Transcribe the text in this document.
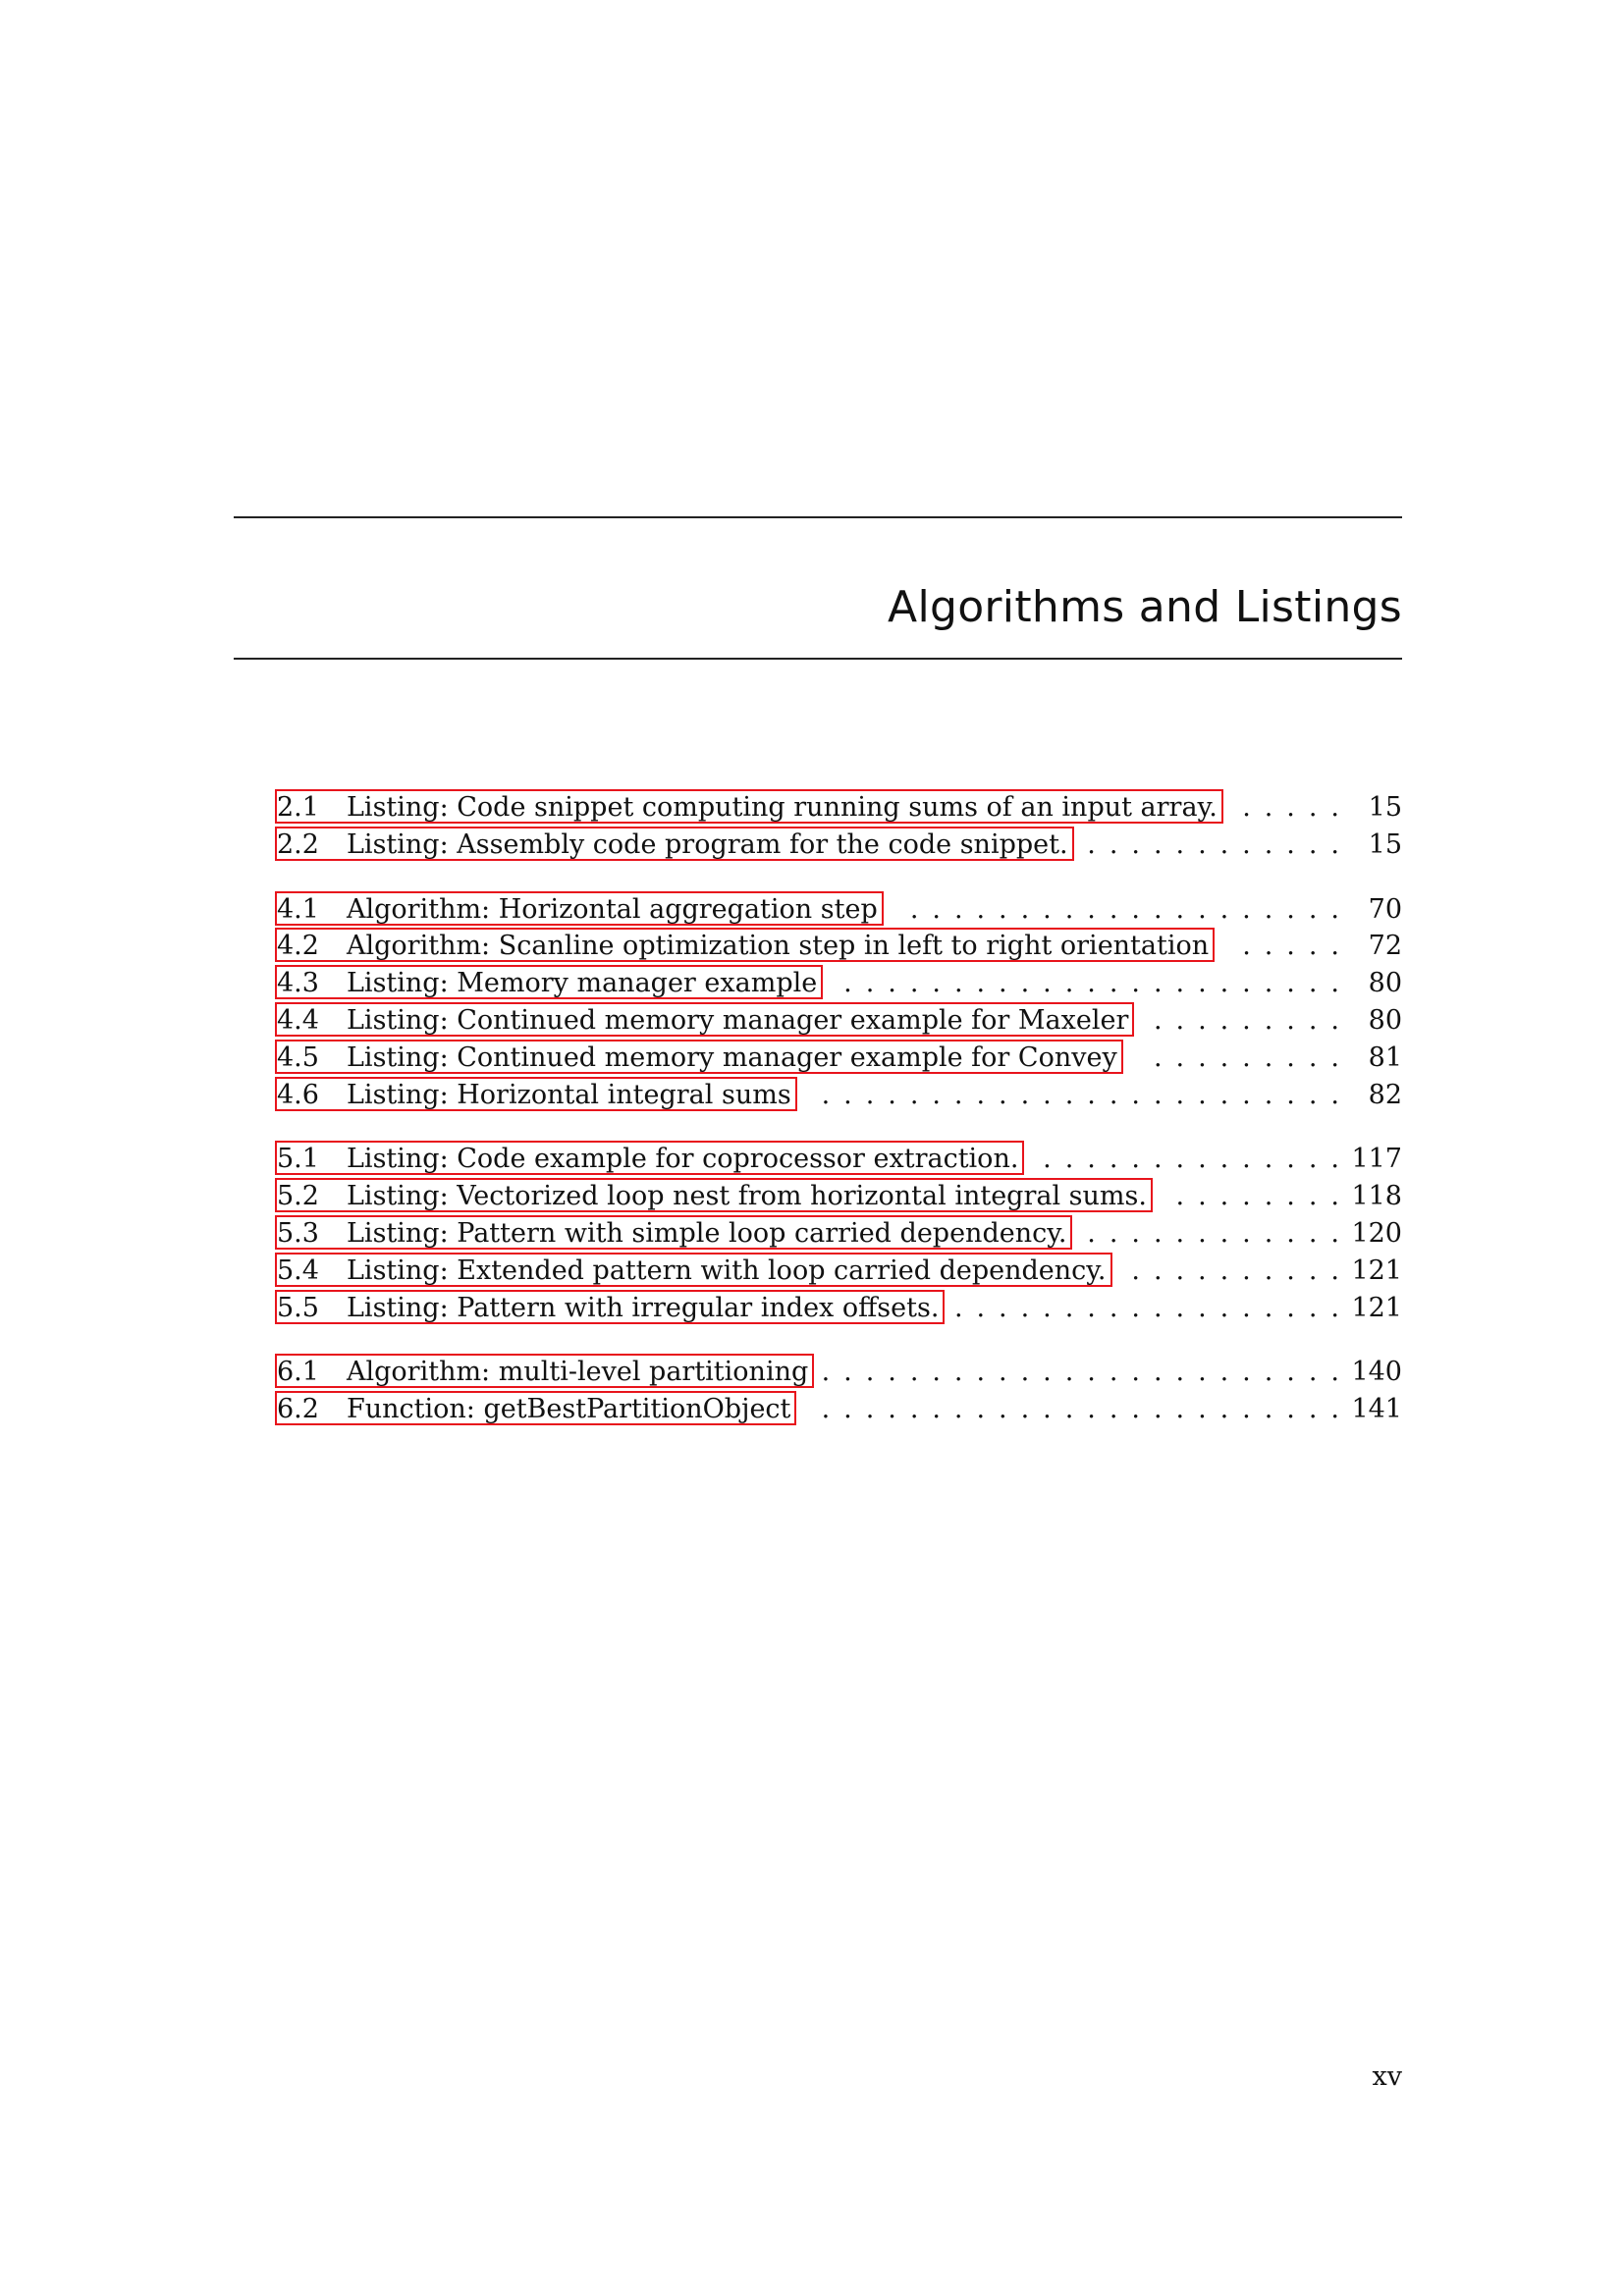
Algorithms and Listings
2.1 Listing: Code snippet computing running sums of an input array. .  .  .  .  . 15
2.2 Listing: Assembly code program for the code snippet. .  .  .  .  .  .  .  .  .  .  .  . 15
4.1 Algorithm: Horizontal aggregation step	.  .  .  .  .  .  .  .  .  .  .  .  .  .  .  .  .  .  .  . 70
4.2 Algorithm: Scanline optimization step in left to right orientation	.  .  .  .  . 72
4.3 Listing: Memory manager example .  .  .  .  .  .  .  .  .  .  .  .  .  .  .  .  .  .  .  .  .  .  . 80
4.4 Listing: Continued memory manager example for Maxeler .  .  .  .  .  .  .  .  . 80
4.5 Listing: Continued memory manager example for Convey	.  .  .  .  .  .  .  .  . 81
4.6 Listing: Horizontal integral sums	.  .  .  .  .  .  .  .  .  .  .  .  .  .  .  .  .  .  .  .  .  .  .  . 82
5.1 Listing: Code example for coprocessor extraction. .  .  .  .  .  .  .  .  .  .  .  .  .  . 117
5.2 Listing: Vectorized loop nest from horizontal integral sums.	.  .  .  .  .  .  .  . 118
5.3 Listing: Pattern with simple loop carried dependency. .  .  .  .  .  .  .  .  .  .  .  . 120
5.4 Listing: Extended pattern with loop carried dependency. .  .  .  .  .  .  .  .  .  . 121
5.5 Listing: Pattern with irregular index offsets. .  .  .  .  .  .  .  .  .  .  .  .  .  .  .  .  .  . 121
6.1 Algorithm: multi-level partitioning .  .  .  .  .  .  .  .  .  .  .  .  .  .  .  .  .  .  .  .  .  .  .  . 140
6.2 Function: getBestPartitionObject	.  .  .  .  .  .  .  .  .  .  .  .  .  .  .  .  .  .  .  .  .  .  .  . 141
xv
